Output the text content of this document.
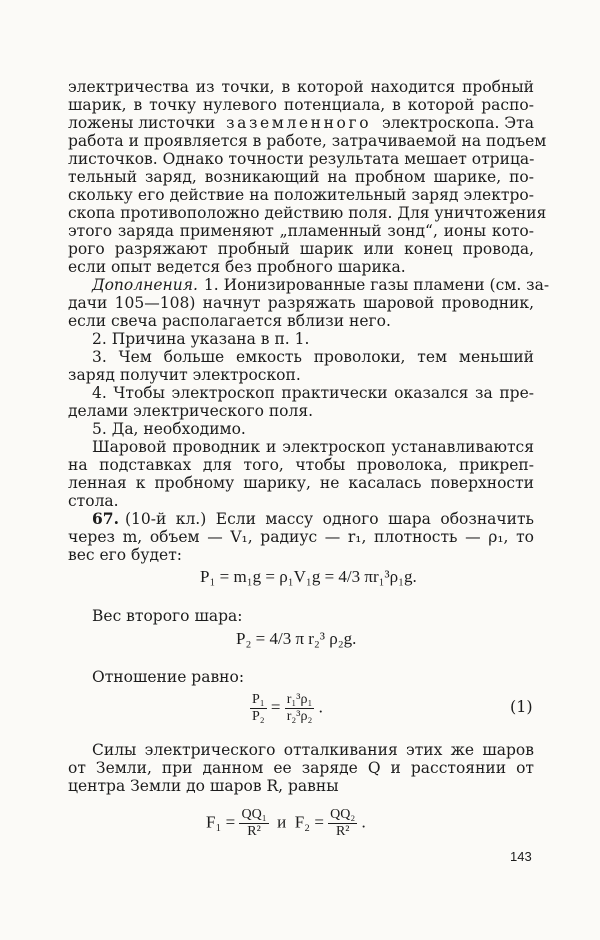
электричества из точки, в которой находится пробный
шарик, в точку нулевого потенциала, в которой распо-
ложены листочки заземленного электроскопа. Эта
работа и проявляется в работе, затрачиваемой на подъем
листочков. Однако точности результата мешает отрица-
тельный заряд, возникающий на пробном шарике, по-
скольку его действие на положительный заряд электро-
скопа противоположно действию поля. Для уничтожения
этого заряда применяют „пламенный зонд“, ионы кото-
рого разряжают пробный шарик или конец провода,
если опыт ведется без пробного шарика.
Дополнения. 1. Ионизированные газы пламени (см. за-
дачи 105—108) начнут разряжать шаровой проводник,
если свеча располагается вблизи него.
2. Причина указана в п. 1.
3. Чем больше емкость проволоки, тем меньший
заряд получит электроскоп.
4. Чтобы электроскоп практически оказался за пре-
делами электрического поля.
5. Да, необходимо.
Шаровой проводник и электроскоп устанавливаются
на подставках для того, чтобы проволока, прикреп-
ленная к пробному шарику, не касалась поверхности
стола.
67. (10-й кл.) Если массу одного шара обозначить
через m, объем — V₁, радиус — r₁, плотность — ρ₁, то
вес его будет:
P₁ = m₁g = ρ₁V₁g = 4/3 πr₁³ρ₁g.
Вес второго шара:
P₂ = 4/3 π r₂³ ρ₂g.
Отношение равно:
$\frac{\text{P₁}}{\text{P₂}} = \frac{\text{r₁³ρ₁}}{\text{r₂³ρ₂}}$ .	(1)
Силы электрического отталкивания этих же шаров
от Земли, при данном ее заряде Q и расстоянии от
центра Земли до шаров R, равны
$F_1 = \frac{\text{QQ₁}}{\text{R²}}$ и $F_2 = \frac{\text{QQ₂}}{\text{R²}}$ .
143
